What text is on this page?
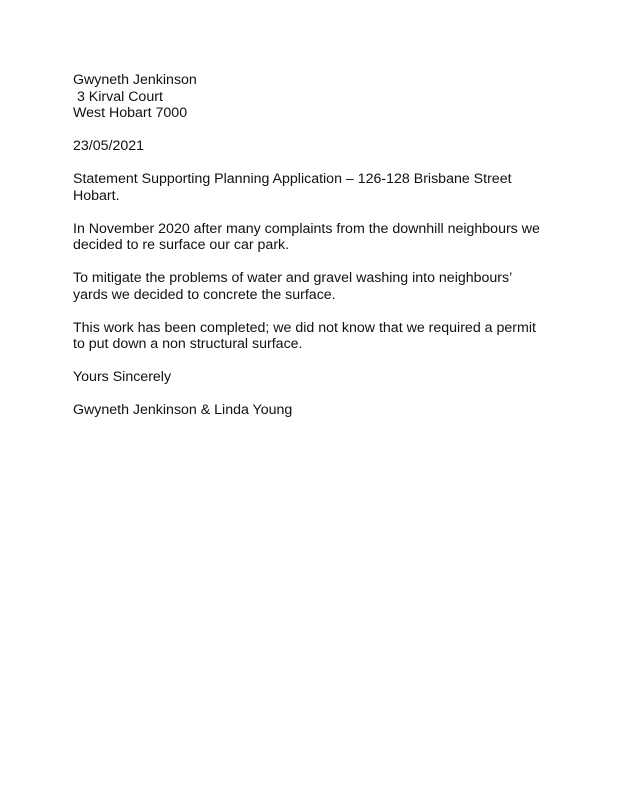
Gwyneth Jenkinson
3 Kirval Court
West Hobart 7000
23/05/2021
Statement Supporting Planning Application – 126-128 Brisbane Street
Hobart.
In November 2020 after many complaints from the downhill neighbours we
decided to re surface our car park.
To mitigate the problems of water and gravel washing into neighbours’
yards we decided to concrete the surface.
This work has been completed; we did not know that we required a permit
to put down a non structural surface.
Yours Sincerely
Gwyneth Jenkinson & Linda Young
